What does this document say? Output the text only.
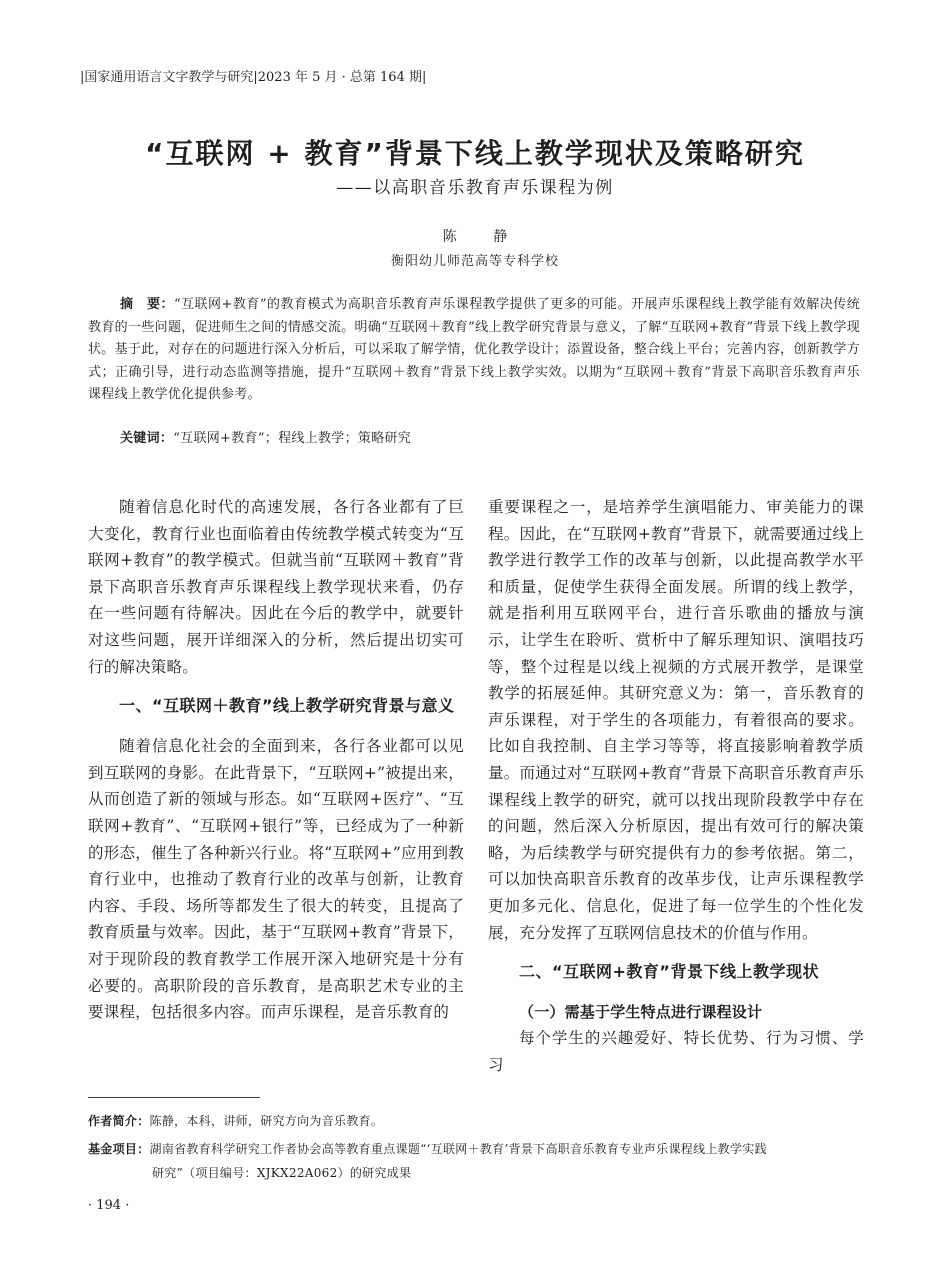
|国家通用语言文字教学与研究|2023 年 5 月 · 总第 164 期|
“互联网 + 教育”背景下线上教学现状及策略研究
——以高职音乐教育声乐课程为例
陈 静
衡阳幼儿师范高等专科学校
摘　要：“互联网+教育”的教育模式为高职音乐教育声乐课程教学提供了更多的可能。开展声乐课程线上教学能有效解决传统教育的一些问题，促进师生之间的情感交流。明确“互联网＋教育”线上教学研究背景与意义，了解“互联网+教育”背景下线上教学现状。基于此，对存在的问题进行深入分析后，可以采取了解学情，优化教学设计；添置设备，整合线上平台；完善内容，创新教学方式；正确引导，进行动态监测等措施，提升“互联网＋教育”背景下线上教学实效。以期为“互联网＋教育”背景下高职音乐教育声乐课程线上教学优化提供参考。
关键词：“互联网+教育”；程线上教学；策略研究

随着信息化时代的高速发展，各行各业都有了巨大变化，教育行业也面临着由传统教学模式转变为“互联网+教育”的教学模式。但就当前“互联网＋教育”背景下高职音乐教育声乐课程线上教学现状来看，仍存在一些问题有待解决。因此在今后的教学中，就要针对这些问题，展开详细深入的分析，然后提出切实可行的解决策略。

一、“互联网＋教育”线上教学研究背景与意义

随着信息化社会的全面到来，各行各业都可以见到互联网的身影。在此背景下，“互联网+”被提出来，从而创造了新的领域与形态。如“互联网+医疗”、“互联网+教育”、“互联网+银行”等，已经成为了一种新的形态，催生了各种新兴行业。将“互联网+”应用到教育行业中，也推动了教育行业的改革与创新，让教育内容、手段、场所等都发生了很大的转变，且提高了教育质量与效率。因此，基于“互联网+教育”背景下，对于现阶段的教育教学工作展开深入地研究是十分有必要的。高职阶段的音乐教育，是高职艺术专业的主要课程，包括很多内容。而声乐课程，是音乐教育的

重要课程之一，是培养学生演唱能力、审美能力的课程。因此，在“互联网+教育”背景下，就需要通过线上教学进行教学工作的改革与创新，以此提高教学水平和质量，促使学生获得全面发展。所谓的线上教学，就是指利用互联网平台，进行音乐歌曲的播放与演示，让学生在聆听、赏析中了解乐理知识、演唱技巧等，整个过程是以线上视频的方式展开教学，是课堂教学的拓展延伸。其研究意义为：第一，音乐教育的声乐课程，对于学生的各项能力，有着很高的要求。比如自我控制、自主学习等等，将直接影响着教学质量。而通过对“互联网+教育”背景下高职音乐教育声乐课程线上教学的研究，就可以找出现阶段教学中存在的问题，然后深入分析原因，提出有效可行的解决策略，为后续教学与研究提供有力的参考依据。第二，可以加快高职音乐教育的改革步伐，让声乐课程教学更加多元化、信息化，促进了每一位学生的个性化发展，充分发挥了互联网信息技术的价值与作用。

二、“互联网+教育”背景下线上教学现状
（一）需基于学生特点进行课程设计

每个学生的兴趣爱好、特长优势、行为习惯、学习

作者简介：陈静，本科，讲师，研究方向为音乐教育。
基金项目：湖南省教育科学研究工作者协会高等教育重点课题“‘互联网＋教育’背景下高职音乐教育专业声乐课程线上教学实践
研究”（项目编号：XJKX22A062）的研究成果
· 194 ·
